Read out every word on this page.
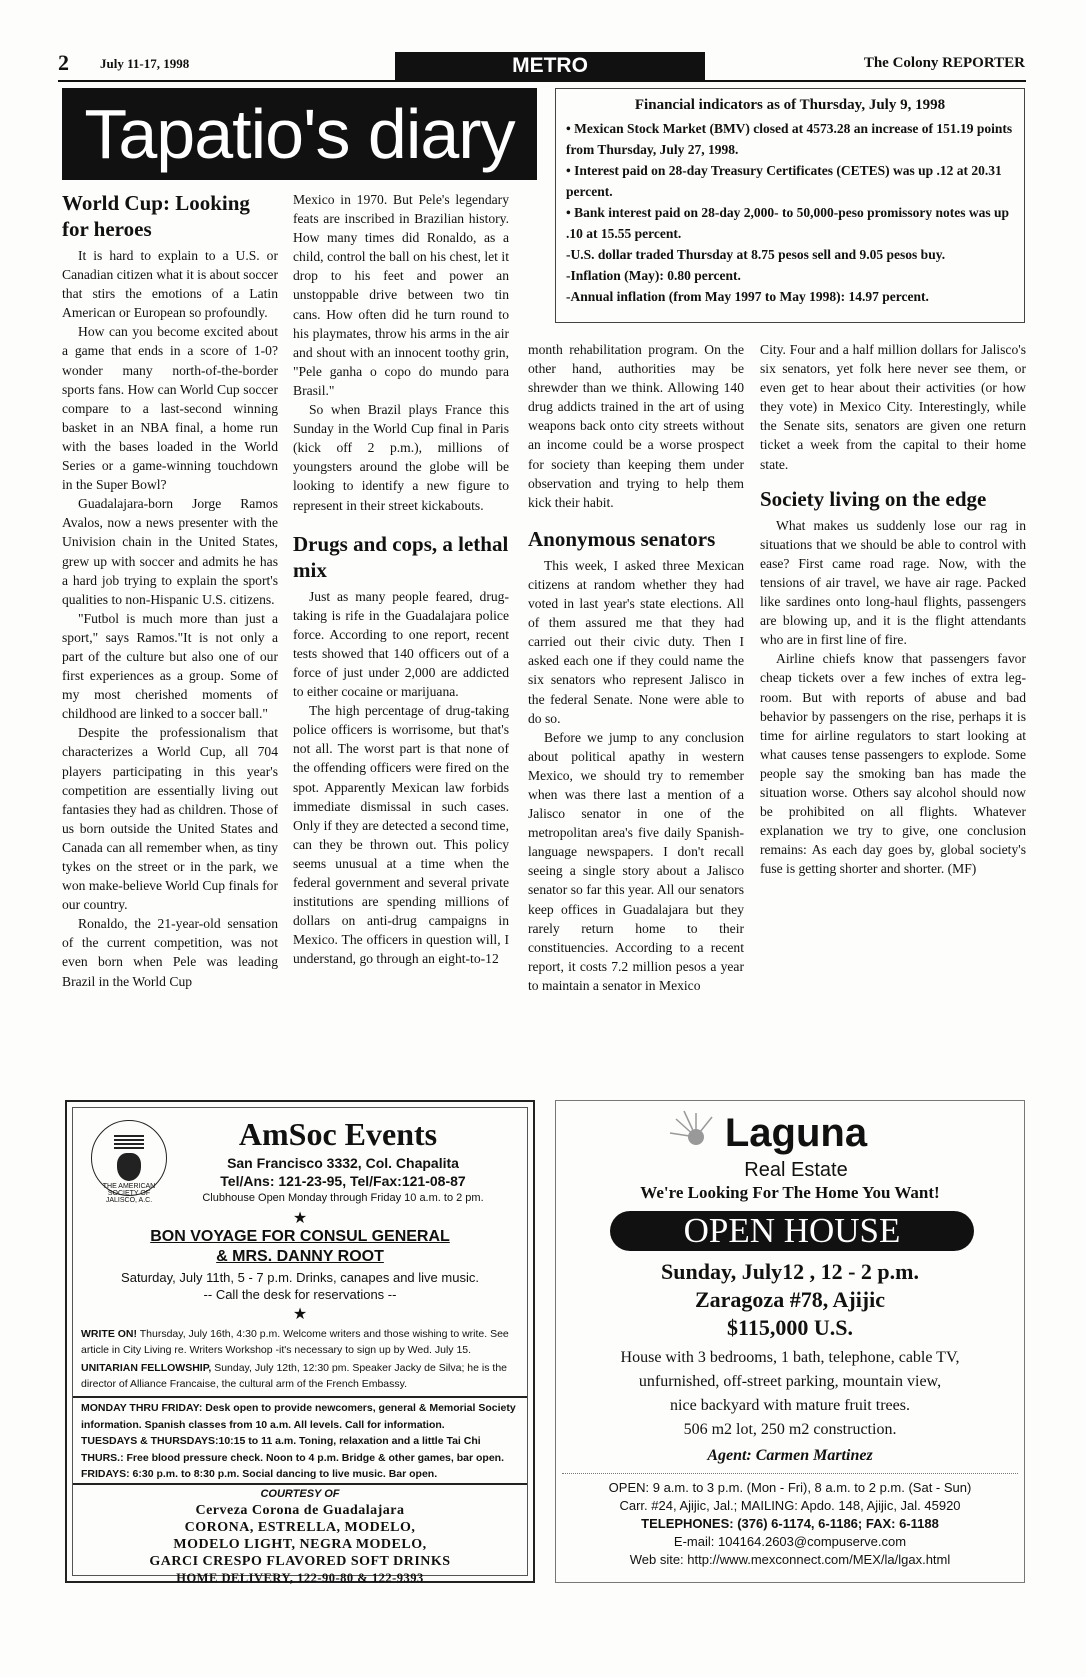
2 July 11-17, 1998	METRO	The Colony REPORTER
Tapatio's diary	Financial indicators as of Thursday, July 9, 1998

• Mexican Stock Market (BMV) closed at 4573.28 an increase of 151.19 points from Thursday, July 27, 1998.

• Interest paid on 28-day Treasury Certificates (CETES) was up .12 at 20.31 percent.

• Bank interest paid on 28-day 2,000- to 50,000-peso promissory notes was up .10 at 15.55 percent.

-U.S. dollar traded Thursday at 8.75 pesos sell and 9.05 pesos buy.

-Inflation (May): 0.80 percent.

-Annual inflation (from May 1997 to May 1998): 14.97 percent.

World Cup: Looking for heroes

It is hard to explain to a U.S. or Canadian citizen what it is about soccer that stirs the emotions of a Latin American or European so profoundly.

How can you become excited about a game that ends in a score of 1-0? wonder many north-of-the-border sports fans. How can World Cup soccer compare to a last-second winning basket in an NBA final, a home run with the bases loaded in the World Series or a game-winning touchdown in the Super Bowl?

Guadalajara-born Jorge Ramos Avalos, now a news presenter with the Univision chain in the United States, grew up with soccer and admits he has a hard job trying to explain the sport's qualities to non-Hispanic U.S. citizens.

"Futbol is much more than just a sport," says Ramos."It is not only a part of the culture but also one of our first experiences as a group. Some of my most cherished moments of childhood are linked to a soccer ball."

Despite the professionalism that characterizes a World Cup, all 704 players participating in this year's competition are essentially living out fantasies they had as children. Those of us born outside the United States and Canada can all remember when, as tiny tykes on the street or in the park, we won make-believe World Cup finals for our country.

Ronaldo, the 21-year-old sensation of the current competition, was not even born when Pele was leading Brazil in the World Cup

Mexico in 1970. But Pele's legendary feats are inscribed in Brazilian history. How many times did Ronaldo, as a child, control the ball on his chest, let it drop to his feet and power an unstoppable drive between two tin cans. How often did he turn round to his playmates, throw his arms in the air and shout with an innocent toothy grin, "Pele ganha o copo do mundo para Brasil."

So when Brazil plays France this Sunday in the World Cup final in Paris (kick off 2 p.m.), millions of youngsters around the globe will be looking to identify a new figure to represent in their street kickabouts.

Drugs and cops, a lethal mix

Just as many people feared, drug-taking is rife in the Guadalajara police force. According to one report, recent tests showed that 140 officers out of a force of just under 2,000 are addicted to either cocaine or marijuana.

The high percentage of drug-taking police officers is worrisome, but that's not all. The worst part is that none of the offending officers were fired on the spot. Apparently Mexican law forbids immediate dismissal in such cases. Only if they are detected a second time, can they be thrown out. This policy seems unusual at a time when the federal government and several private institutions are spending millions of dollars on anti-drug campaigns in Mexico. The officers in question will, I understand, go through an eight-to-12

month rehabilitation program. On the other hand, authorities may be shrewder than we think. Allowing 140 drug addicts trained in the art of using weapons back onto city streets without an income could be a worse prospect for society than keeping them under observation and trying to help them kick their habit.

Anonymous senators

This week, I asked three Mexican citizens at random whether they had voted in last year's state elections. All of them assured me that they had carried out their civic duty. Then I asked each one if they could name the six senators who represent Jalisco in the federal Senate. None were able to do so.

Before we jump to any conclusion about political apathy in western Mexico, we should try to remember when was there last a mention of a Jalisco senator in one of the metropolitan area's five daily Spanish-language newspapers. I don't recall seeing a single story about a Jalisco senator so far this year. All our senators keep offices in Guadalajara but they rarely return home to their constituencies. According to a recent report, it costs 7.2 million pesos a year to maintain a senator in Mexico

City. Four and a half million dollars for Jalisco's six senators, yet folk here never see them, or even get to hear about their activities (or how they vote) in Mexico City. Interestingly, while the Senate sits, senators are given one return ticket a week from the capital to their home state.

Society living on the edge

What makes us suddenly lose our rag in situations that we should be able to control with ease? First came road rage. Now, with the tensions of air travel, we have air rage. Packed like sardines onto long-haul flights, passengers are blowing up, and it is the flight attendants who are in first line of fire.

Airline chiefs know that passengers favor cheap tickets over a few inches of extra leg-room. But with reports of abuse and bad behavior by passengers on the rise, perhaps it is time for airline regulators to start looking at what causes tense passengers to explode. Some people say the smoking ban has made the situation worse. Others say alcohol should now be prohibited on all flights. Whatever explanation we try to give, one conclusion remains: As each day goes by, global society's fuse is getting shorter and shorter. (MF)

THE AMERICAN SOCIETY OF JALISCO, A.C.
AmSoc Events
San Francisco 3332, Col. Chapalita
Tel/Ans: 121-23-95, Tel/Fax:121-08-87
Clubhouse Open Monday through Friday 10 a.m. to 2 pm.
★
BON VOYAGE FOR CONSUL GENERAL
& MRS. DANNY ROOT
Saturday, July 11th, 5 - 7 p.m. Drinks, canapes and live music.
-- Call the desk for reservations --
★
WRITE ON! Thursday, July 16th, 4:30 p.m. Welcome writers and those wishing to write. See article in City Living re. Writers Workshop -it's necessary to sign up by Wed. July 15.
UNITARIAN FELLOWSHIP, Sunday, July 12th, 12:30 pm. Speaker Jacky de Silva; he is the director of Alliance Francaise, the cultural arm of the French Embassy.
MONDAY THRU FRIDAY: Desk open to provide newcomers, general & Memorial Society information. Spanish classes from 10 a.m. All levels. Call for information.
TUESDAYS & THURSDAYS:10:15 to 11 a.m. Toning, relaxation and a little Tai Chi
THURS.: Free blood pressure check. Noon to 4 p.m. Bridge & other games, bar open.
FRIDAYS: 6:30 p.m. to 8:30 p.m. Social dancing to live music. Bar open.
COURTESY OF
Cerveza Corona de Guadalajara
CORONA, ESTRELLA, MODELO,
MODELO LIGHT, NEGRA MODELO,
GARCI CRESPO FLAVORED SOFT DRINKS
HOME DELIVERY, 122-90-80 & 122-9393
Laguna
Real Estate
We're Looking For The Home You Want!
OPEN HOUSE
Sunday, July12 , 12 - 2 p.m.
Zaragoza #78, Ajijic
$115,000 U.S.
House with 3 bedrooms, 1 bath, telephone, cable TV,
unfurnished, off-street parking, mountain view,
nice backyard with mature fruit trees.
506 m2 lot, 250 m2 construction.
Agent: Carmen Martinez
OPEN: 9 a.m. to 3 p.m. (Mon - Fri), 8 a.m. to 2 p.m. (Sat - Sun)
Carr. #24, Ajijic, Jal.; MAILING: Apdo. 148, Ajijic, Jal. 45920
TELEPHONES: (376) 6-1174, 6-1186; FAX: 6-1188
E-mail: 104164.2603@compuserve.com
Web site: http://www.mexconnect.com/MEX/la/lgax.html
